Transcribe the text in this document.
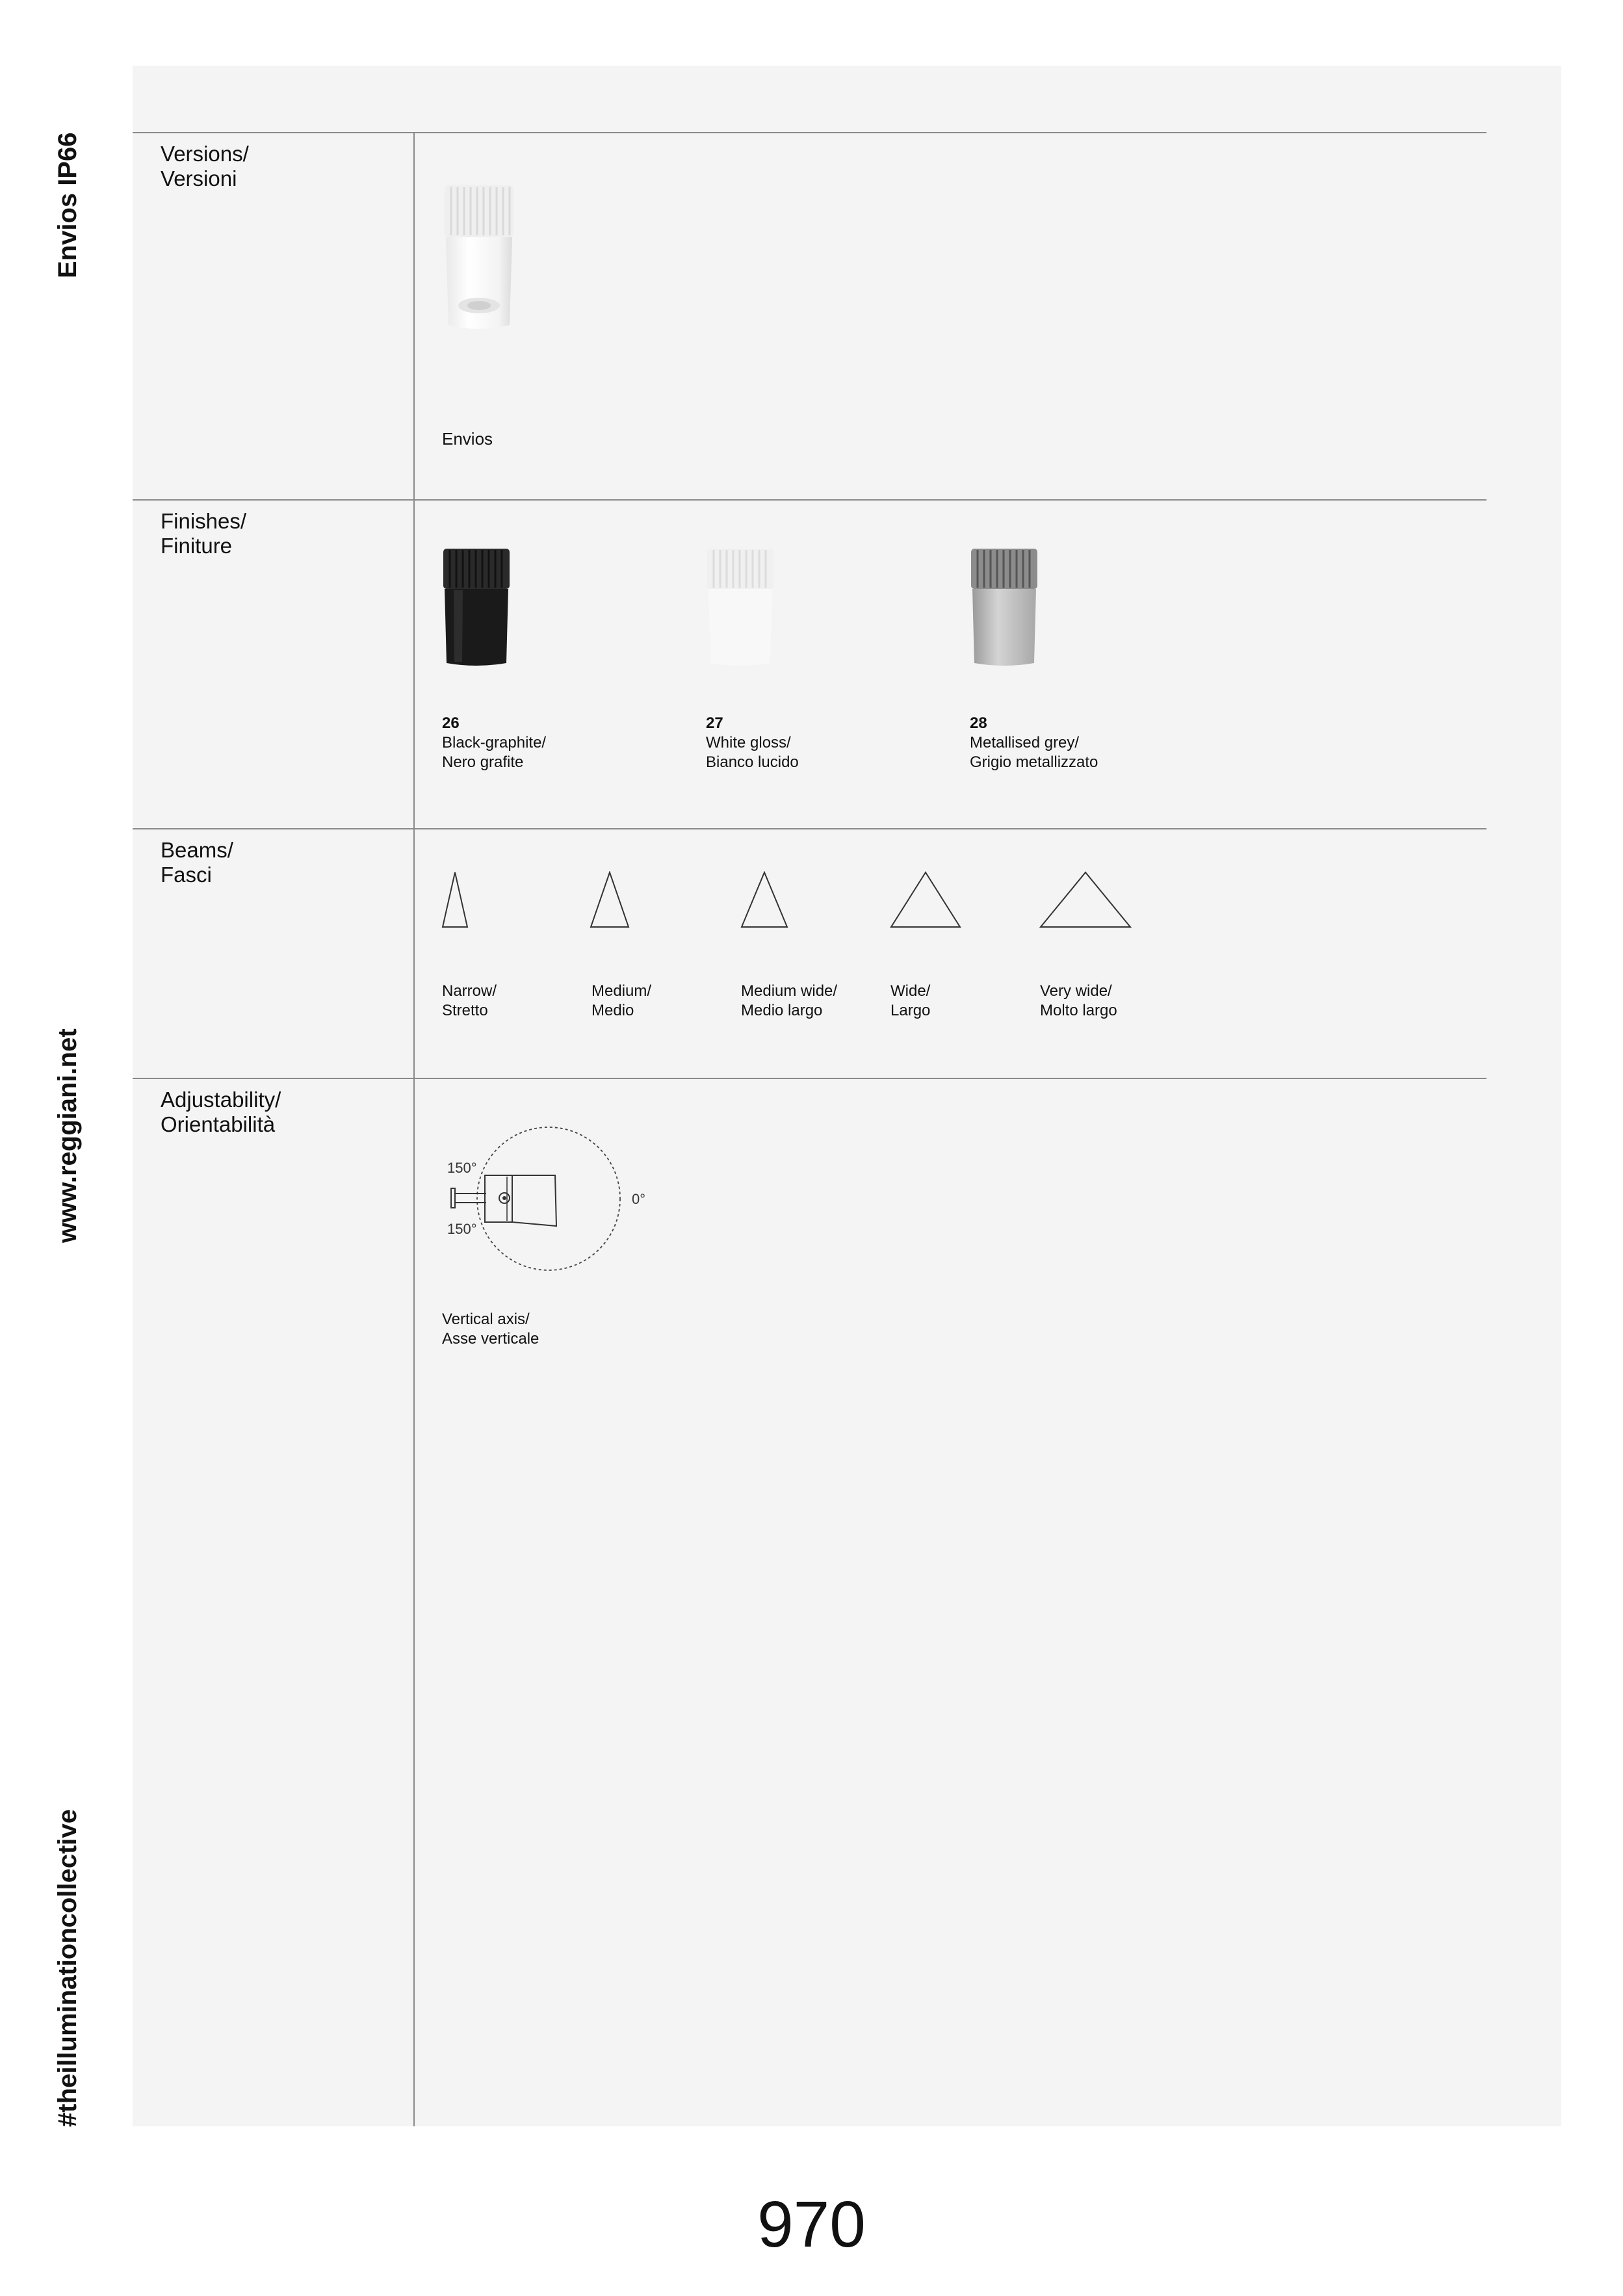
Envios IP66
www.reggiani.net
#theilluminationcollective
Versions/
Versioni
Envios
Finishes/
Finiture
26
Black-graphite/
Nero grafite
27
White gloss/
Bianco lucido
28
Metallised grey/
Grigio metallizzato
Beams/
Fasci
Narrow/
Stretto
Medium/
Medio
Medium wide/
Medio largo
Wide/
Largo
Very wide/
Molto largo
Adjustability/
Orientabilità
150°
150°
0°
Vertical axis/
Asse verticale
970
